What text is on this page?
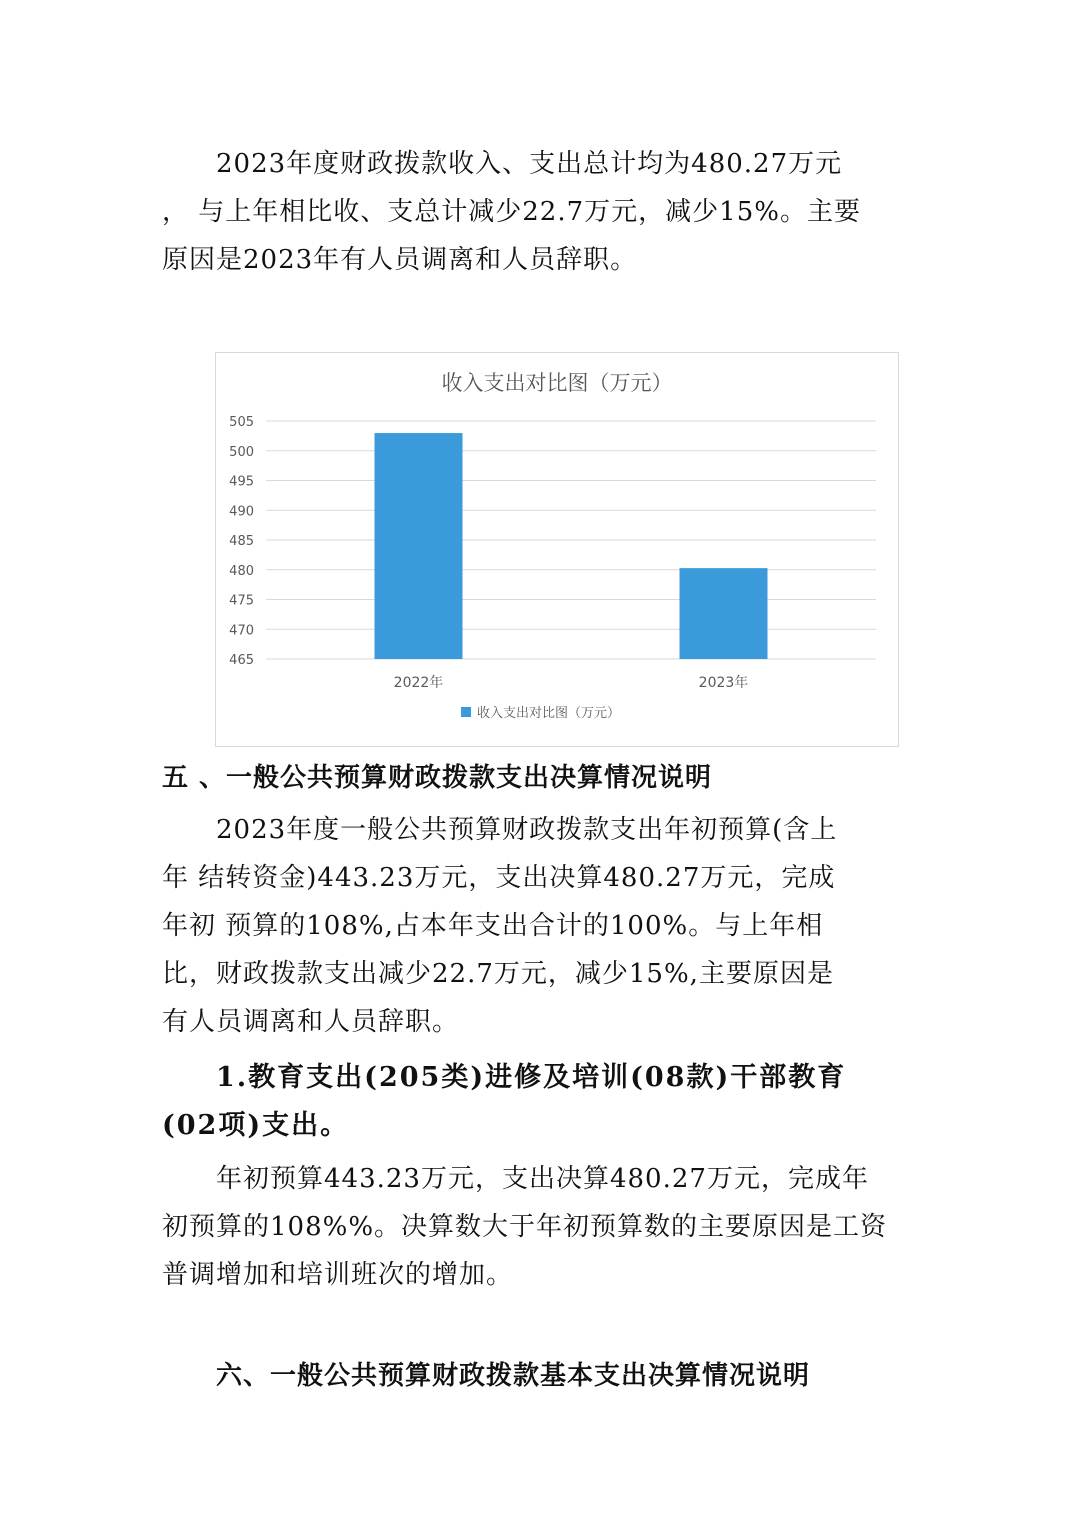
2023年度财政拨款收入、支出总计均为480.27万元
， 与上年相比收、支总计减少22.7万元，减少15%。主要
原因是2023年有人员调离和人员辞职。
收入支出对比图（万元）
465
470
475
480
485
490
495
500
505
2022年	2023年
收入支出对比图（万元）
五 、一般公共预算财政拨款支出决算情况说明
2023年度一般公共预算财政拨款支出年初预算(含上
年 结转资金)443.23万元，支出决算480.27万元，完成
年初 预算的108%,占本年支出合计的100%。与上年相
比，财政拨款支出减少22.7万元，减少15%,主要原因是
有人员调离和人员辞职。
1.教育支出(205类)进修及培训(08款)干部教育
(02项)支出。
年初预算443.23万元，支出决算480.27万元，完成年
初预算的108%%。决算数大于年初预算数的主要原因是工资
普调增加和培训班次的增加。
六、一般公共预算财政拨款基本支出决算情况说明
